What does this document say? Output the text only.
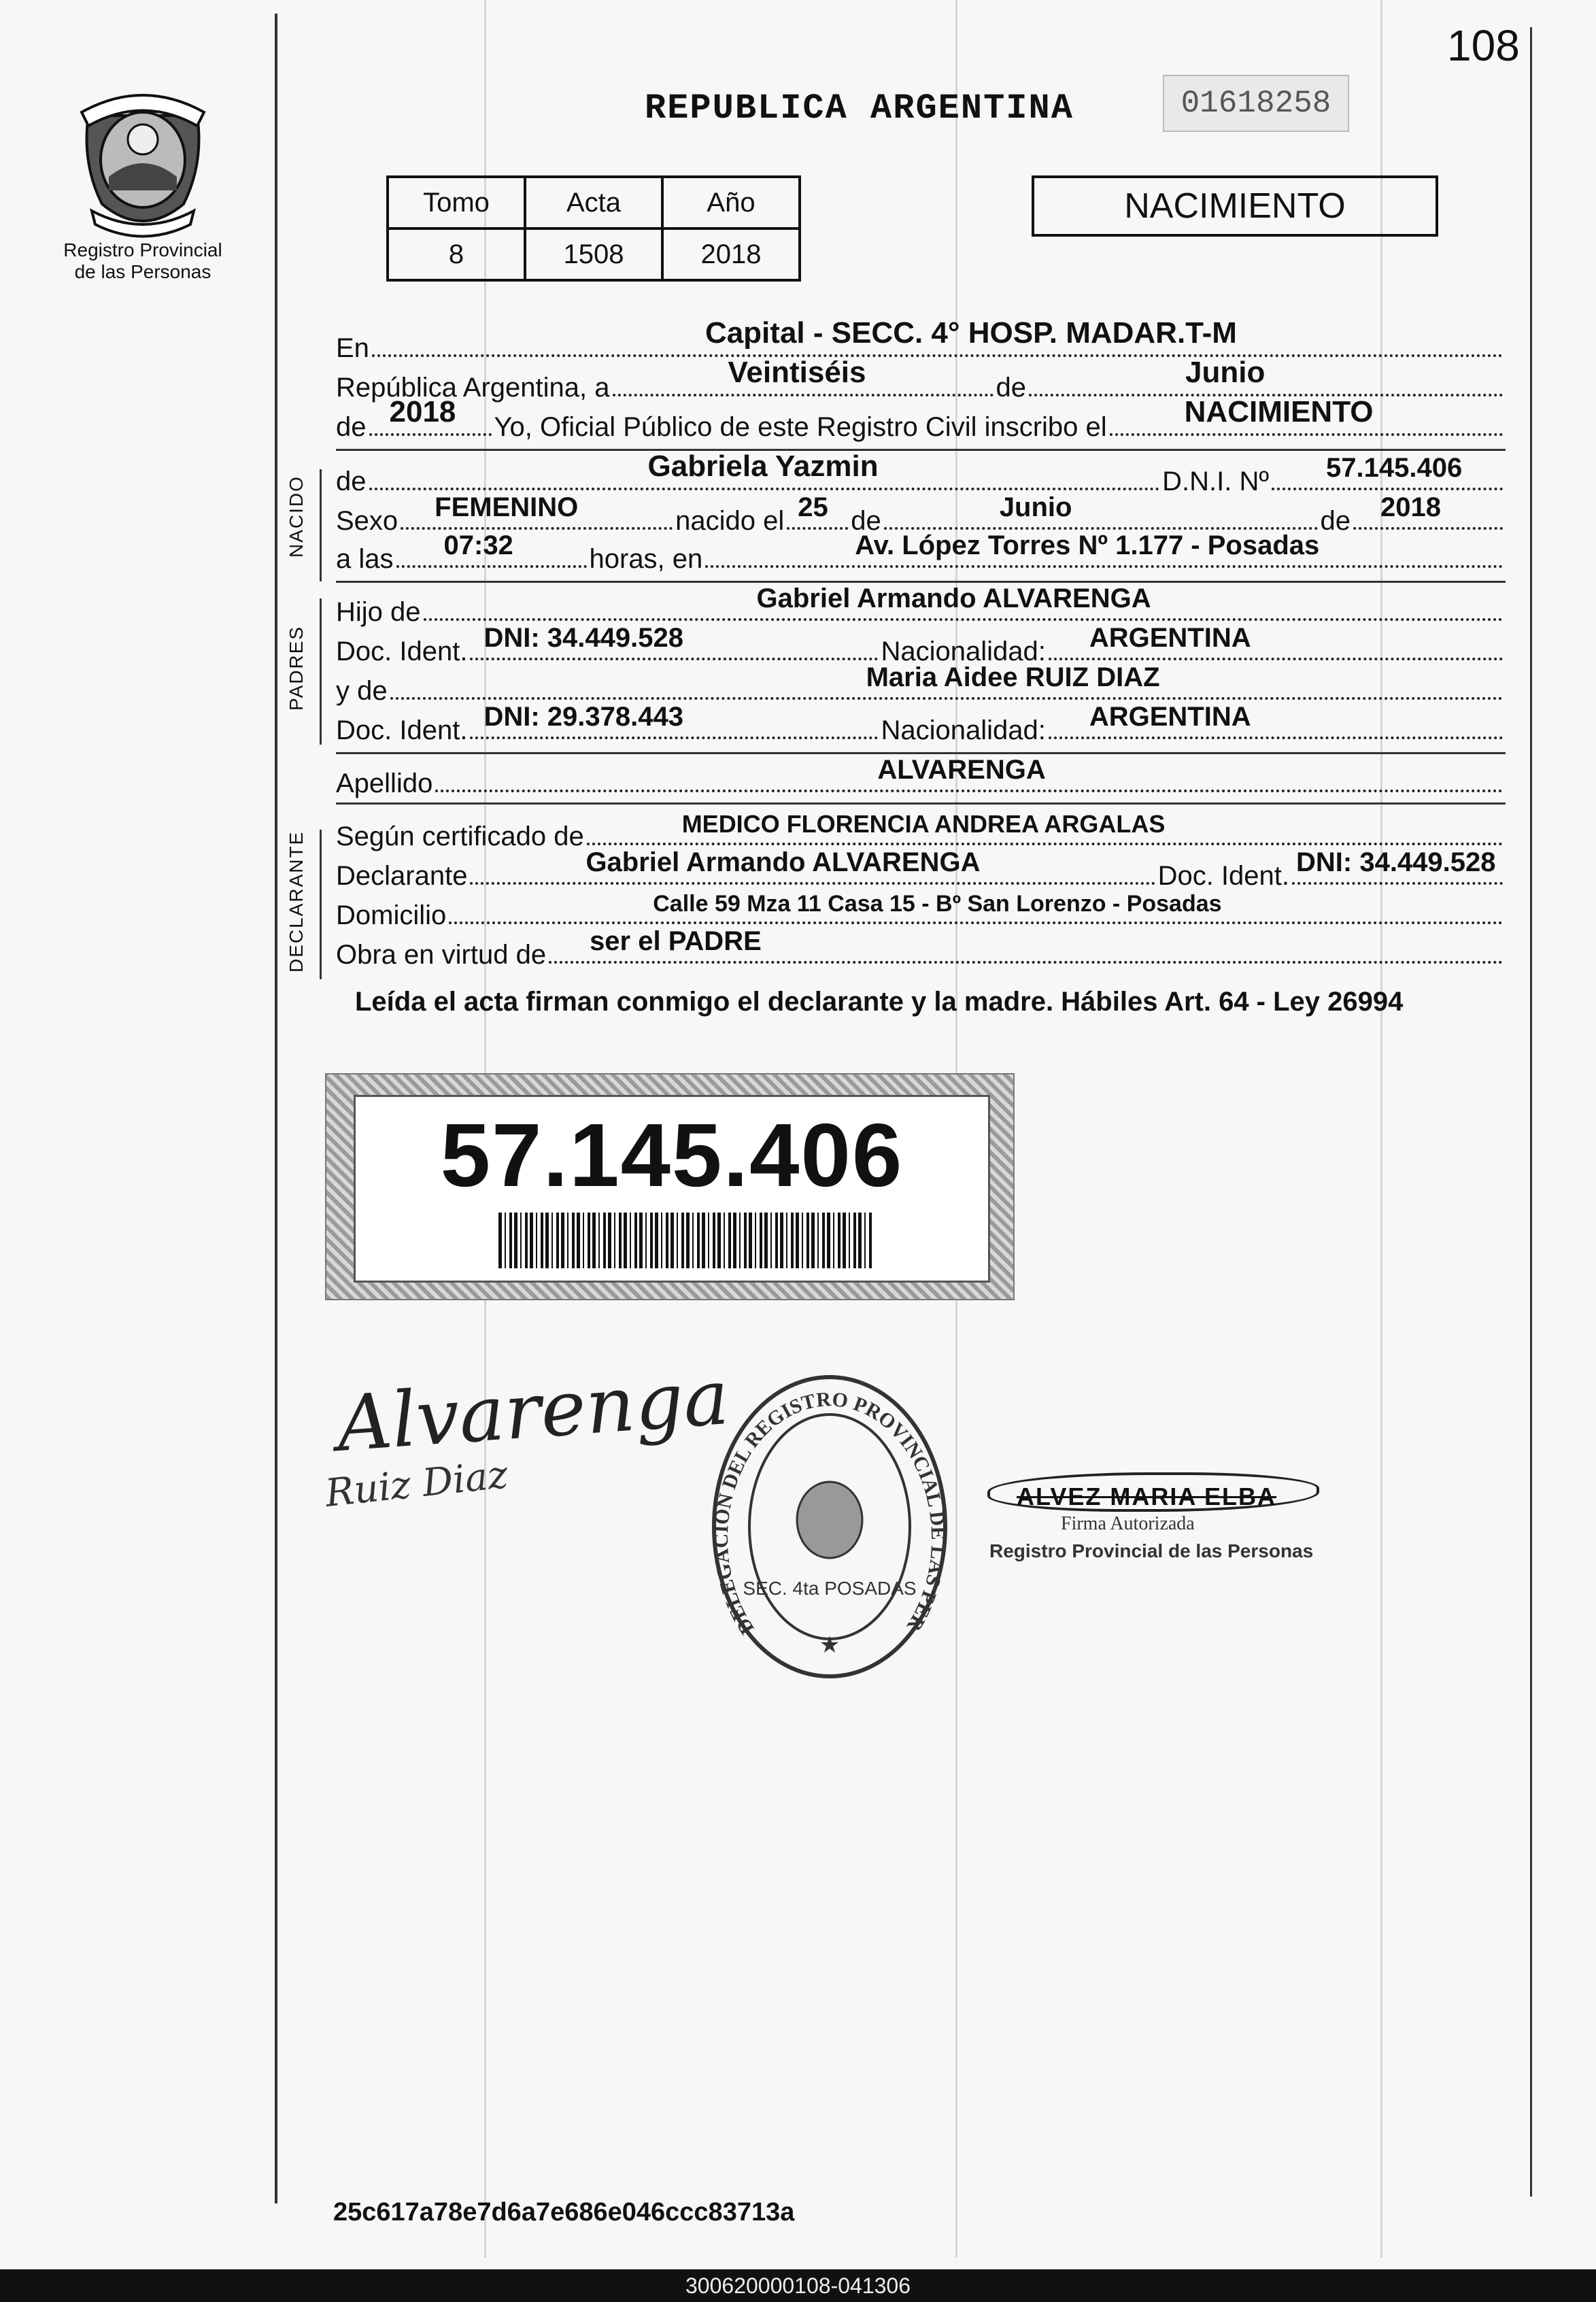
108
Registro Provincial
de las Personas
REPUBLICA ARGENTINA	01618258
Tomo	Acta	Año
8	1508	2018
NACIMIENTO
En	Capital - SECC. 4° HOSP. MADAR.T-M
República Argentina, a	Veintiséis	de	Junio
de 2018 Yo, Oficial Público de este Registro Civil inscribo el	NACIMIENTO
NACIDO de	Gabriela Yazmin	D.N.I. Nº 57.145.406
Sexo FEMENINO	nacido el 25 de	Junio	de 2018
a las 07:32	horas, en	Av. López Torres Nº 1.177 - Posadas
PADRES
Hijo de	Gabriel Armando ALVARENGA
Doc. Ident. DNI: 34.449.528	Nacionalidad: ARGENTINA
y de	Maria Aidee RUIZ DIAZ
Doc. Ident. DNI: 29.378.443	Nacionalidad: ARGENTINA
Apellido	ALVARENGA
DECLARANTE Según certificado de	MEDICO FLORENCIA ANDREA ARGALAS
Declarante	Gabriel Armando ALVARENGA	Doc. Ident. DNI: 34.449.528
Domicilio	Calle 59 Mza 11 Casa 15 - Bº San Lorenzo - Posadas
Obra en virtud de ser el PADRE
Leída el acta firman conmigo el declarante y la madre. Hábiles Art. 64 - Ley 26994
57.145.406
Alvarenga
Ruiz Diaz
DELEGACION DEL REGISTRO PROVINCIAL DE LAS PER
SEC. 4ta POSADAS
★
ALVEZ MARIA ELBA
Firma Autorizada
Registro Provincial de las Personas
25c617a78e7d6a7e686e046ccc83713a
300620000108-041306
